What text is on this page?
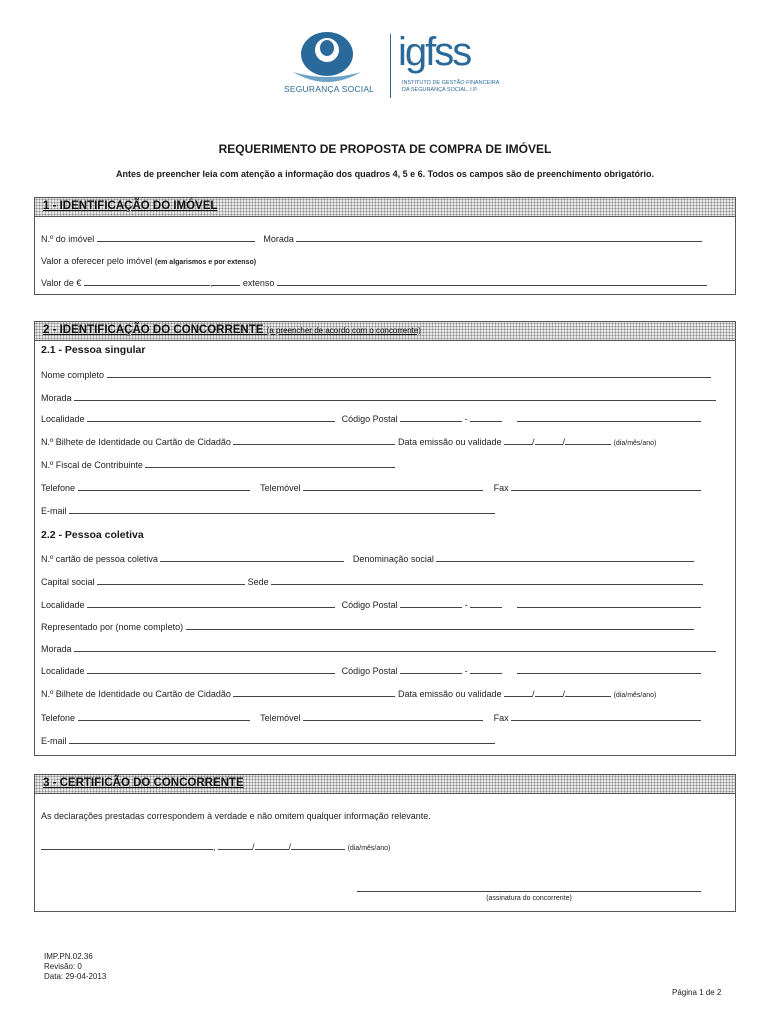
SEGURANÇA SOCIAL
igfss
INSTITUTO DE GESTÃO FINANCEIRA
DA SEGURANÇA SOCIAL, I.P.
REQUERIMENTO DE PROPOSTA DE COMPRA DE IMÓVEL
Antes de preencher leia com atenção a informação dos quadros 4, 5 e 6. Todos os campos são de preenchimento obrigatório.
1 - IDENTIFICAÇÃO DO IMÓVEL
N.º do imóvel	Morada
Valor a oferecer pelo imóvel (em algarismos e por extenso)
Valor de €	,	extenso
2 - IDENTIFICAÇÃO DO CONCORRENTE (a preencher de acordo com o concorrente)
2.1 - Pessoa singular
Nome completo
Morada
Localidade	Código Postal	-
N.º Bilhete de Identidade ou Cartão de Cidadão	Data emissão ou validade	/	/	(dia/mês/ano)
N.º Fiscal de Contribuinte
Telefone	Telemóvel	Fax
E-mail
2.2 - Pessoa coletiva
N.º cartão de pessoa coletiva	Denominação social
Capital social	Sede
Localidade	Código Postal	-
Representado por (nome completo)
Morada
Localidade	Código Postal	-
N.º Bilhete de Identidade ou Cartão de Cidadão	Data emissão ou validade	/	/	(dia/mês/ano)
Telefone	Telemóvel	Fax
E-mail
3 - CERTIFICÃO DO CONCORRENTE
As declarações prestadas correspondem à verdade e não omitem qualquer informação relevante.
,	/	/	(dia/mês/ano)
(assinatura do concorrente)
IMP.PN.02.36
Revisão: 0
Data: 29-04-2013
Página 1 de 2
